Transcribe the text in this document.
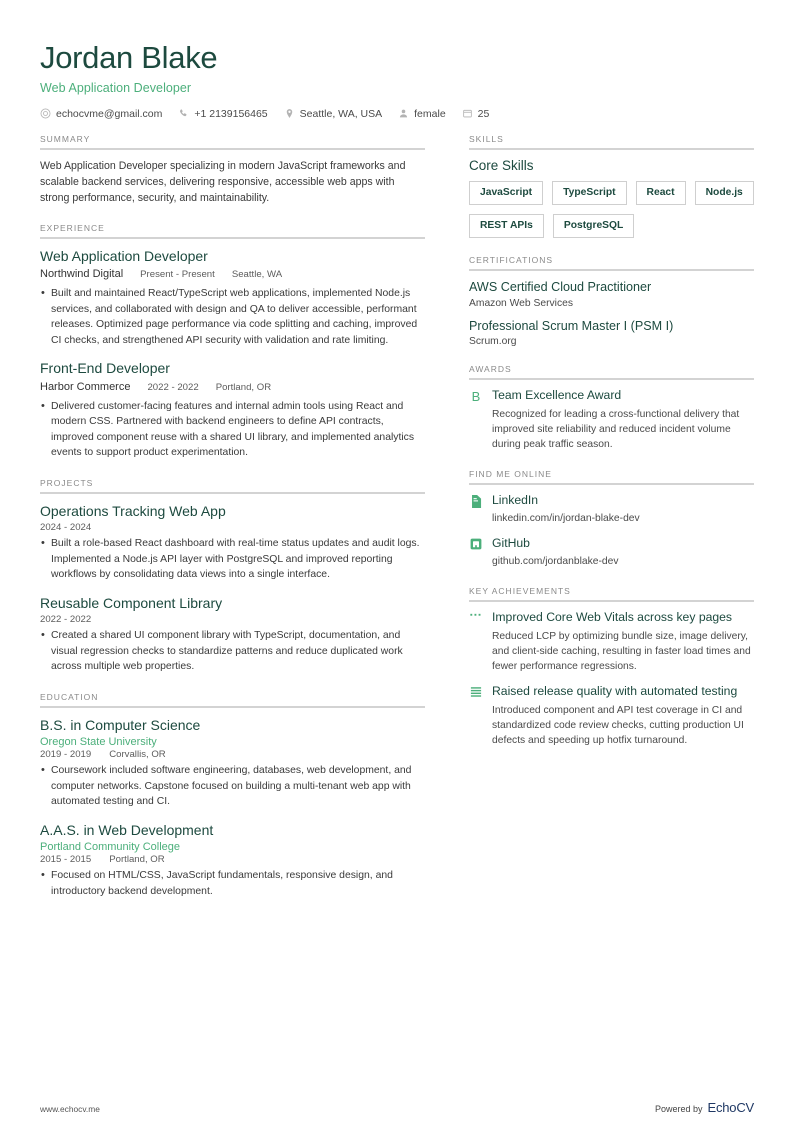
Jordan Blake
Web Application Developer
echocvme@gmail.com	+1 2139156465	Seattle, WA, USA	female	25
SUMMARY
Web Application Developer specializing in modern JavaScript frameworks and scalable backend services, delivering responsive, accessible web apps with strong performance, security, and maintainability.
EXPERIENCE
Web Application Developer
Northwind Digital Present - Present Seattle, WA
• Built and maintained React/TypeScript web applications, implemented Node.js services, and collaborated with design and QA to deliver accessible, performant releases. Optimized page performance via code splitting and caching, improved CI checks, and strengthened API security with validation and rate limiting.
Front-End Developer
Harbor Commerce 2022 - 2022 Portland, OR
• Delivered customer-facing features and internal admin tools using React and modern CSS. Partnered with backend engineers to define API contracts, improved component reuse with a shared UI library, and implemented analytics events to support product experimentation.
PROJECTS
Operations Tracking Web App
2024 - 2024
• Built a role-based React dashboard with real-time status updates and audit logs. Implemented a Node.js API layer with PostgreSQL and improved reporting workflows by consolidating data views into a single interface.
Reusable Component Library
2022 - 2022
• Created a shared UI component library with TypeScript, documentation, and visual regression checks to standardize patterns and reduce duplicated work across multiple web properties.
EDUCATION
B.S. in Computer Science
Oregon State University
2019 - 2019 Corvallis, OR
• Coursework included software engineering, databases, web development, and computer networks. Capstone focused on building a multi-tenant web app with automated testing and CI.
A.A.S. in Web Development
Portland Community College
2015 - 2015 Portland, OR
• Focused on HTML/CSS, JavaScript fundamentals, responsive design, and introductory backend development.
SKILLS
Core Skills
JavaScript	TypeScript	React	Node.js
REST APIs	PostgreSQL
CERTIFICATIONS
AWS Certified Cloud Practitioner
Amazon Web Services
Professional Scrum Master I (PSM I)
Scrum.org
AWARDS
B Team Excellence Award
Recognized for leading a cross-functional delivery that improved site reliability and reduced incident volume during peak traffic season.
FIND ME ONLINE
LinkedIn
linkedin.com/in/jordan-blake-dev
GitHub
github.com/jordanblake-dev
KEY ACHIEVEMENTS
Improved Core Web Vitals across key pages
Reduced LCP by optimizing bundle size, image delivery, and client-side caching, resulting in faster load times and fewer performance regressions.
Raised release quality with automated testing
Introduced component and API test coverage in CI and standardized code review checks, cutting production UI defects and speeding up hotfix turnaround.
www.echocv.me	Powered by EchoCV
